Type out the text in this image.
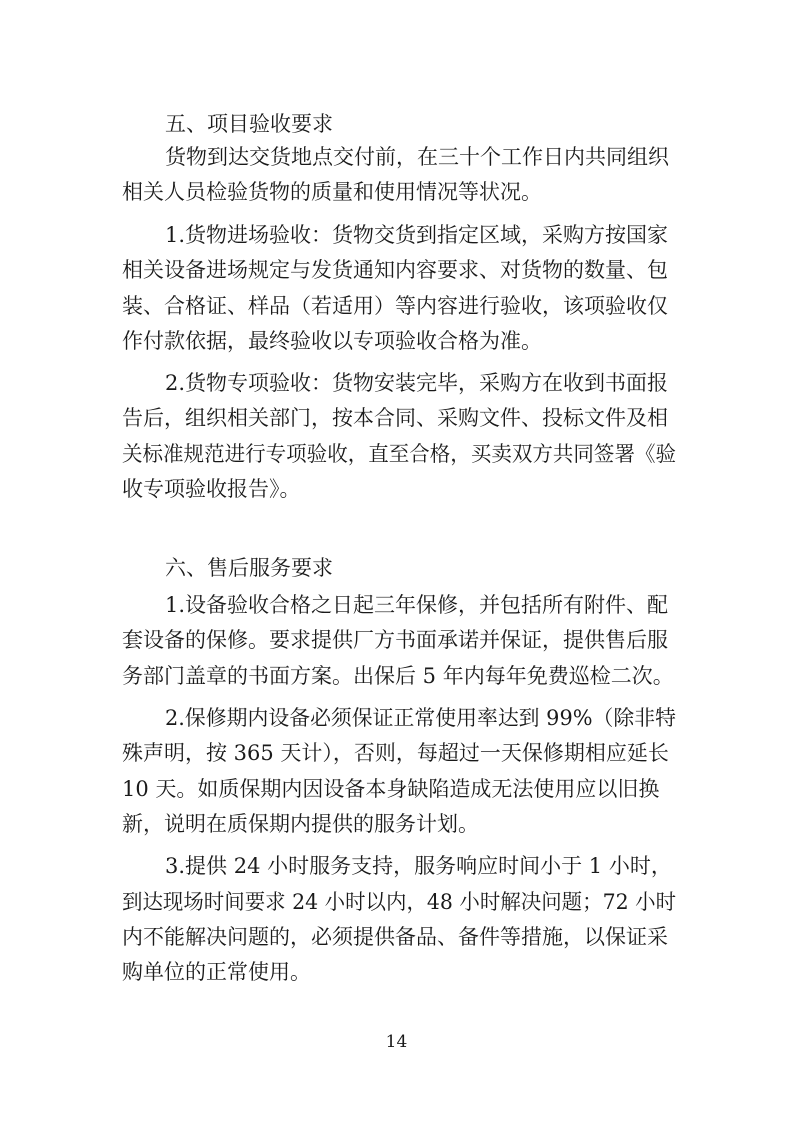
五、项目验收要求

货物到达交货地点交付前，在三十个工作日内共同组织

相关人员检验货物的质量和使用情况等状况。

1.货物进场验收：货物交货到指定区域，采购方按国家

相关设备进场规定与发货通知内容要求、对货物的数量、包

装、合格证、样品（若适用）等内容进行验收，该项验收仅

作付款依据，最终验收以专项验收合格为准。

2.货物专项验收：货物安装完毕，采购方在收到书面报

告后，组织相关部门，按本合同、采购文件、投标文件及相

关标准规范进行专项验收，直至合格，买卖双方共同签署《验

收专项验收报告》。

六、售后服务要求

1.设备验收合格之日起三年保修，并包括所有附件、配

套设备的保修。要求提供厂方书面承诺并保证，提供售后服

务部门盖章的书面方案。出保后 5 年内每年免费巡检二次。

2.保修期内设备必须保证正常使用率达到 99%（除非特

殊声明，按 365 天计），否则，每超过一天保修期相应延长

10 天。如质保期内因设备本身缺陷造成无法使用应以旧换

新，说明在质保期内提供的服务计划。

3.提供 24 小时服务支持，服务响应时间小于 1 小时，

到达现场时间要求 24 小时以内，48 小时解决问题；72 小时

内不能解决问题的，必须提供备品、备件等措施，以保证采

购单位的正常使用。

14
